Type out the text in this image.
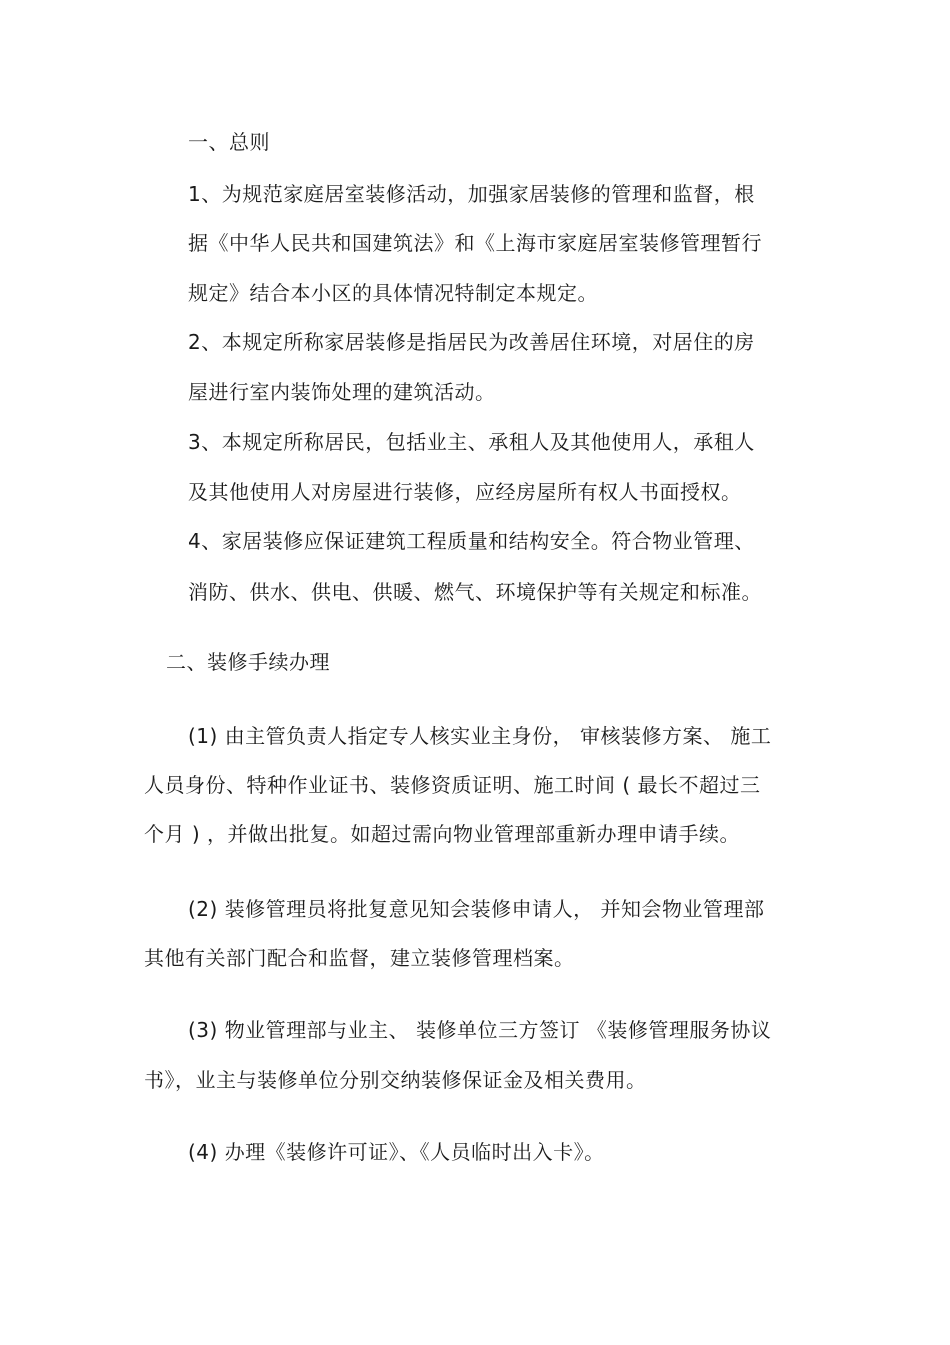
一、总则
1、为规范家庭居室装修活动，加强家居装修的管理和监督，根
据《中华人民共和国建筑法》和《上海市家庭居室装修管理暂行
规定》结合本小区的具体情况特制定本规定。
2、本规定所称家居装修是指居民为改善居住环境，对居住的房
屋进行室内装饰处理的建筑活动。
3、本规定所称居民，包括业主、承租人及其他使用人，承租人
及其他使用人对房屋进行装修，应经房屋所有权人书面授权。
4、家居装修应保证建筑工程质量和结构安全。符合物业管理、
消防、供水、供电、供暖、燃气、环境保护等有关规定和标准。
二、装修手续办理
(1) 由主管负责人指定专人核实业主身份， 审核装修方案、 施工
人员身份、特种作业证书、装修资质证明、施工时间 ( 最长不超过三
个月 ) ，并做出批复。如超过需向物业管理部重新办理申请手续。
(2) 装修管理员将批复意见知会装修申请人， 并知会物业管理部
其他有关部门配合和监督，建立装修管理档案。
(3) 物业管理部与业主、 装修单位三方签订 《装修管理服务协议
书》，业主与装修单位分别交纳装修保证金及相关费用。
(4) 办理《装修许可证》、《人员临时出入卡》。
